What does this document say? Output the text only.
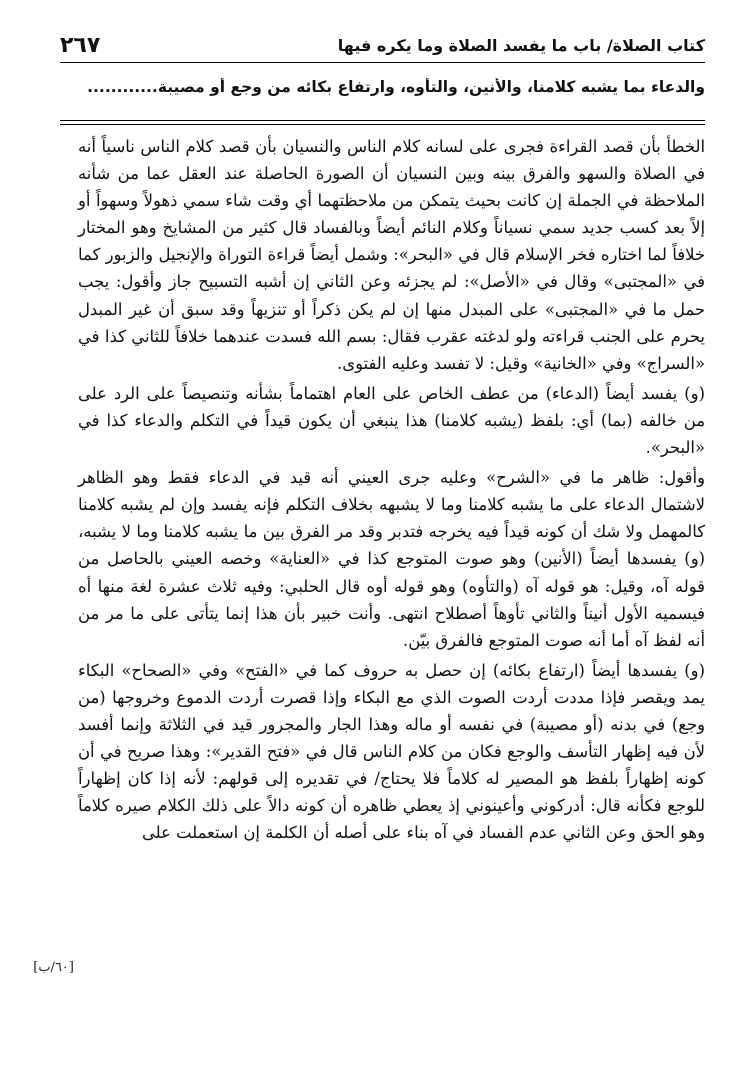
كتاب الصلاة/ باب ما يفسد الصلاة وما يكره فيها
٢٦٧
والدعاء بما يشبه كلامنا، والأنين، والتأوه، وارتفاع بكائه من وجع أو مصيبة............
[٦٠/ب]

الخطأ بأن قصد القراءة فجرى على لسانه كلام الناس والنسيان بأن قصد كلام الناس ناسياً أنه في الصلاة والسهو والفرق بينه وبين النسيان أن الصورة الحاصلة عند العقل عما من شأنه الملاحظة في الجملة إن كانت بحيث يتمكن من ملاحظتهما أي وقت شاء سمي ذهولاً وسهواً أو إلاً بعد كسب جديد سمي نسياناً وكلام النائم أيضاً وبالفساد قال كثير من المشايخ وهو المختار خلافاً لما اختاره فخر الإسلام قال في «البحر»: وشمل أيضاً قراءة التوراة والإنجيل والزبور كما في «المجتبى» وقال في «الأصل»: لم يجزئه وعن الثاني إن أشبه التسبيح جاز وأقول: يجب حمل ما في «المجتبى» على المبدل منها إن لم يكن ذكراً أو تنزيهاً وقد سبق أن غير المبدل يحرم على الجنب قراءته ولو لدغته عقرب فقال: بسم الله فسدت عندهما خلافاً للثاني كذا في «السراج» وفي «الخانية» وقيل: لا تفسد وعليه الفتوى.

(و) يفسد أيضاً (الدعاء) من عطف الخاص على العام اهتماماً بشأنه وتنصيصاً على الرد على من خالفه (بما) أي: بلفظ (يشبه كلامنا) هذا ينبغي أن يكون قيداً في التكلم والدعاء كذا في «البحر».

وأقول: ظاهر ما في «الشرح» وعليه جرى العيني أنه قيد في الدعاء فقط وهو الظاهر لاشتمال الدعاء على ما يشبه كلامنا وما لا يشبهه بخلاف التكلم فإنه يفسد وإن لم يشبه كلامنا كالمهمل ولا شك أن كونه قيداً فيه يخرجه فتدبر وقد مر الفرق بين ما يشبه كلامنا وما لا يشبه، (و) يفسدها أيضاً (الأنين) وهو صوت المتوجع كذا في «العناية» وخصه العيني بالحاصل من قوله آه، وقيل: هو قوله آه (والتأوه) وهو قوله أوه قال الحلبي: وفيه ثلاث عشرة لغة منها أه فيسميه الأول أنيناً والثاني تأوهاً أصطلاح انتهى. وأنت خبير بأن هذا إنما يتأتى على ما مر من أنه لفظ آه أما أنه صوت المتوجع فالفرق بيّن.

(و) يفسدها أيضاً (ارتفاع بكائه) إن حصل به حروف كما في «الفتح» وفي «الصحاح» البكاء يمد ويقصر فإذا مددت أردت الصوت الذي مع البكاء وإذا قصرت أردت الدموع وخروجها (من وجع) في بدنه (أو مصيبة) في نفسه أو ماله وهذا الجار والمجرور قيد في الثلاثة وإنما أفسد لأن فيه إظهار التأسف والوجع فكان من كلام الناس قال في «فتح القدير»: وهذا صريح في أن كونه إظهاراً بلفظ هو المصير له كلاماً فلا يحتاج/ في تقديره إلى قولهم: لأنه إذا كان إظهاراً للوجع فكأنه قال: أدركوني وأعينوني إذ يعطي ظاهره أن كونه دالاً على ذلك الكلام صيره كلاماً وهو الحق وعن الثاني عدم الفساد في آه بناء على أصله أن الكلمة إن استعملت على
